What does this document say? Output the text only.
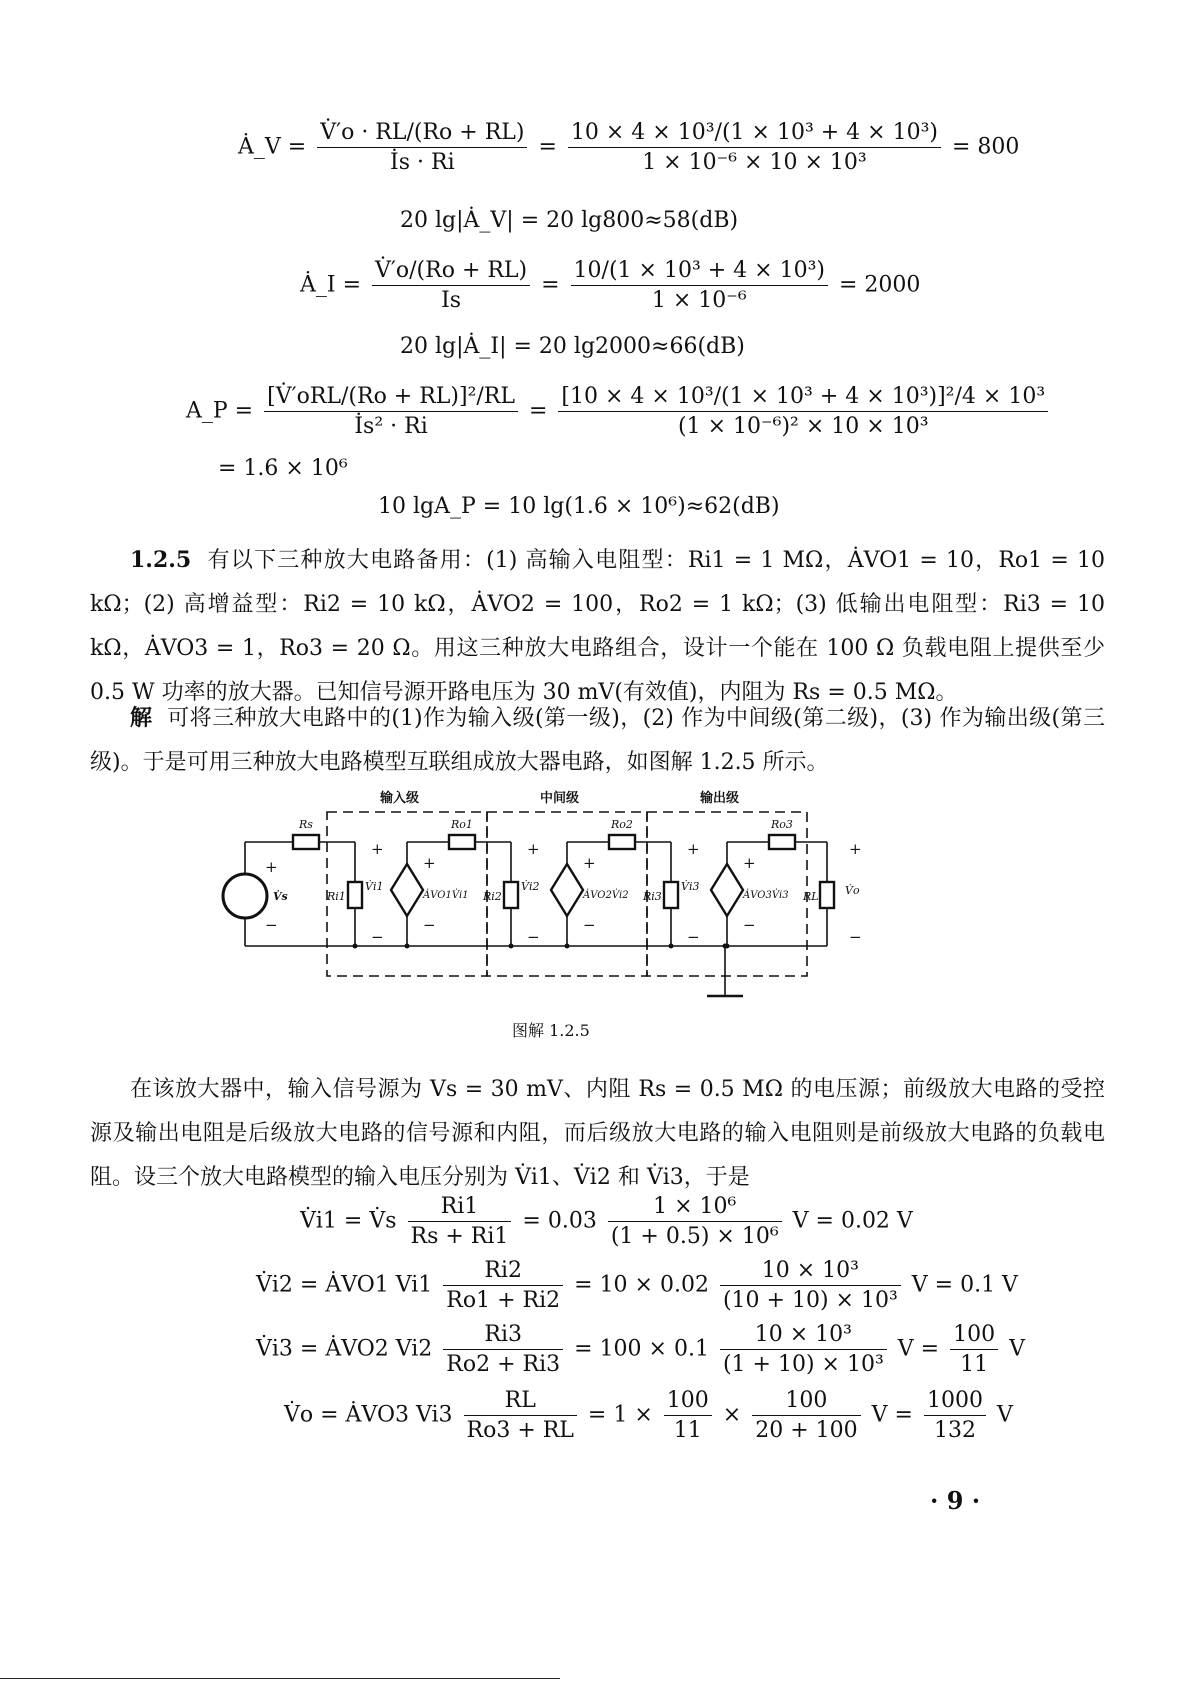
Ȧ_V = $\frac{V̇'o \cdot RL/(Ro + RL)}{İs \cdot Ri} = \frac{\text{10 × 4 × 10³/(1 × 10³ + 4 × 10³)}}{\text{1 × 10⁻⁶ × 10 × 10³}} = 800$
20 lg|Ȧ_V| = 20 lg800≈58(dB)
Ȧ_I = $\frac{V̇'o/(Ro + RL)}{Is} = \frac{\text{10/(1 × 10³ + 4 × 10³)}}{\text{1 × 10⁻⁶}} = 2000$
20 lg|Ȧ_I| = 20 lg2000≈66(dB)
A_P = $\frac{\text{[V̇′oRL/(Ro + RL)]²/RL}}{\text{İs² · Ri}} = \frac{\text{[10 × 4 × 10³/(1 × 10³ + 4 × 10³)]²/4 × 10³}}{\text{(1 × 10⁻⁶)² × 10 × 10³}}$
= 1.6 × 10⁶
10 lgA_P = 10 lg(1.6 × 10⁶)≈62(dB)
1.2.5 有以下三种放大电路备用：(1) 高输入电阻型：Ri1 = 1 MΩ，ȦVO1 = 10，Ro1 = 10 kΩ；(2) 高增益型：Ri2 = 10 kΩ，ȦVO2 = 100，Ro2 = 1 kΩ；(3) 低输出电阻型：Ri3 = 10 kΩ，ȦVO3 = 1，Ro3 = 20 Ω。用这三种放大电路组合，设计一个能在 100 Ω 负载电阻上提供至少 0.5 W 功率的放大器。已知信号源开路电压为 30 mV(有效值)，内阻为 Rs = 0.5 MΩ。
解 可将三种放大电路中的(1)作为输入级(第一级)，(2) 作为中间级(第二级)，(3) 作为输出级(第三级)。于是可用三种放大电路模型互联组成放大器电路，如图解 1.2.5 所示。
输入级	中间级	输出级
Rs	Ro1	Ro2	Ro3
Ri1	Ri2	Ri3	RL
V̇s
V̇i1	V̇i2	V̇i3	V̇o
ȦVO1V̇i1	ȦVO2V̇i2	ȦVO3V̇i3
+
−
+
−
+
−
+
−
+
−
+
−
+
−
+
−
图解 1.2.5
在该放大器中，输入信号源为 Vs = 30 mV、内阻 Rs = 0.5 MΩ 的电压源；前级放大电路的受控源及输出电阻是后级放大电路的信号源和内阻，而后级放大电路的输入电阻则是前级放大电路的负载电阻。设三个放大电路模型的输入电压分别为 V̇i1、V̇i2 和 V̇i3，于是
V̇i1 = V̇s $\frac{Ri1}{Rs + Ri1} = 0.03 \frac{\text{1 × 10⁶}}{\text{(1 + 0.5) × 10⁶}}$ V = 0.02 V
V̇i2 = ȦVO1 $Vi1 \frac{Ri2}{Ro1 + Ri2} = 10 \times 0.02 \frac{\text{10 × 10³}}{\text{(10 + 10) × 10³}}$ V = 0.1 V
V̇i3 = ȦVO2 $Vi2 \frac{Ri3}{Ro2 + Ri3} = 100 \times 0.1 \frac{\text{10 × 10³}}{\text{(1 + 10) × 10³}}$ $V = \frac{100}{11}$ V
V̇o = ȦVO3 $Vi3 \frac{RL}{Ro3 + RL} = 1 \times \frac{100}{11} \times \frac{100}{20 + 100}$ $V = \frac{1000}{132}$ V
· 9 ·
